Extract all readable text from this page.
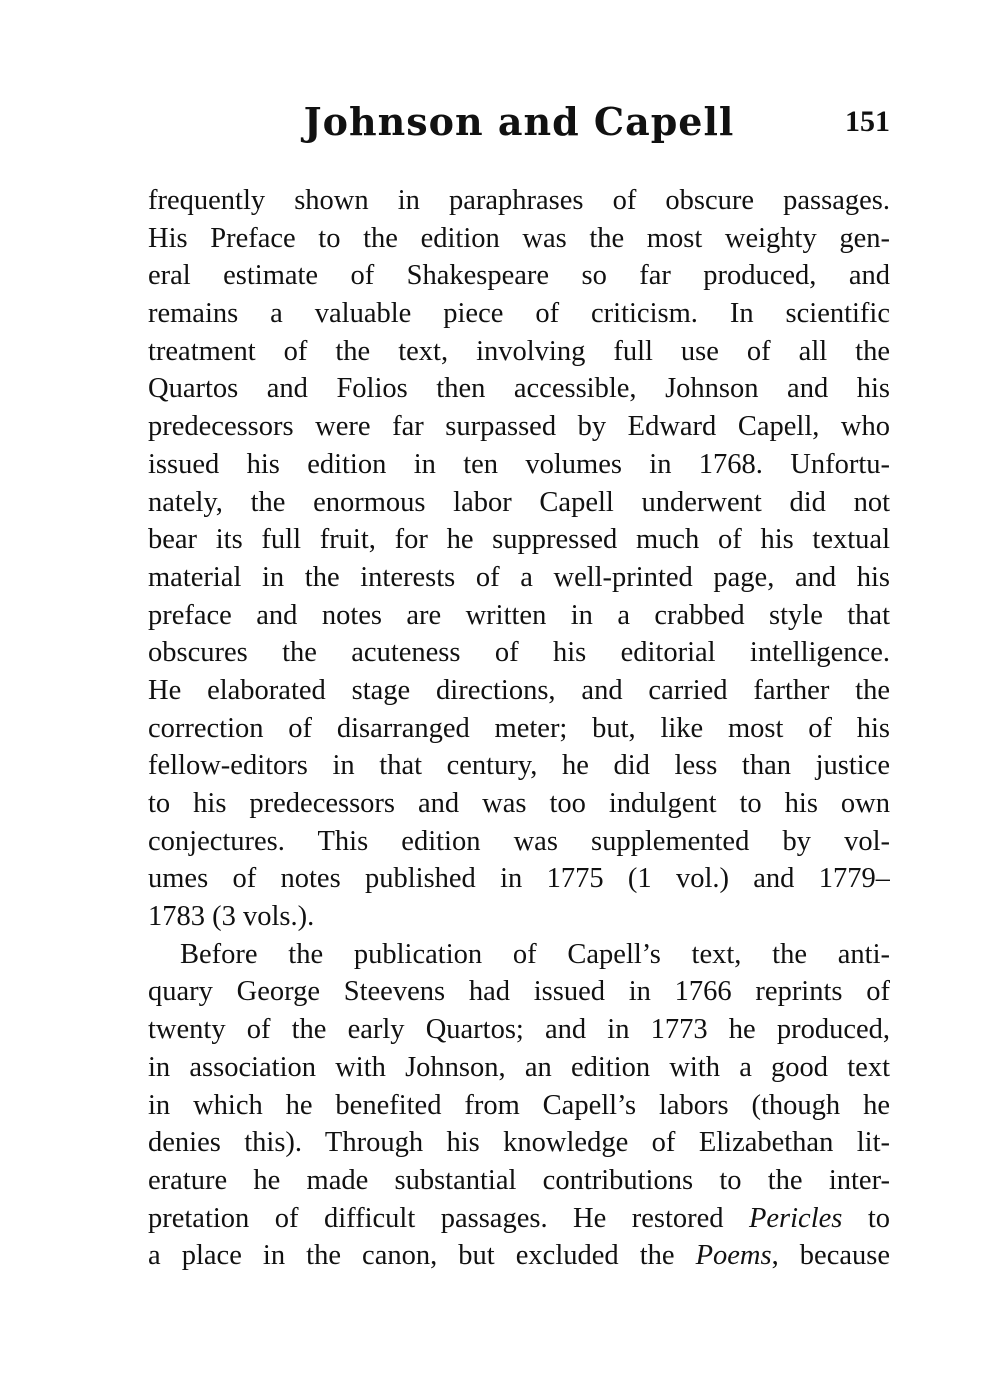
Johnson and Capell	151
frequently shown in paraphrases of obscure passages.
His Preface to the edition was the most weighty gen-
eral estimate of Shakespeare so far produced, and
remains a valuable piece of criticism. In scientific
treatment of the text, involving full use of all the
Quartos and Folios then accessible, Johnson and his
predecessors were far surpassed by Edward Capell, who
issued his edition in ten volumes in 1768. Unfortu-
nately, the enormous labor Capell underwent did not
bear its full fruit, for he suppressed much of his textual
material in the interests of a well-printed page, and his
preface and notes are written in a crabbed style that
obscures the acuteness of his editorial intelligence.
He elaborated stage directions, and carried farther the
correction of disarranged meter; but, like most of his
fellow-editors in that century, he did less than justice
to his predecessors and was too indulgent to his own
conjectures. This edition was supplemented by vol-
umes of notes published in 1775 (1 vol.) and 1779–
1783 (3 vols.).
Before the publication of Capell’s text, the anti-
quary George Steevens had issued in 1766 reprints of
twenty of the early Quartos; and in 1773 he produced,
in association with Johnson, an edition with a good text
in which he benefited from Capell’s labors (though he
denies this). Through his knowledge of Elizabethan lit-
erature he made substantial contributions to the inter-
pretation of difficult passages. He restored Pericles to
a place in the canon, but excluded the Poems, because
